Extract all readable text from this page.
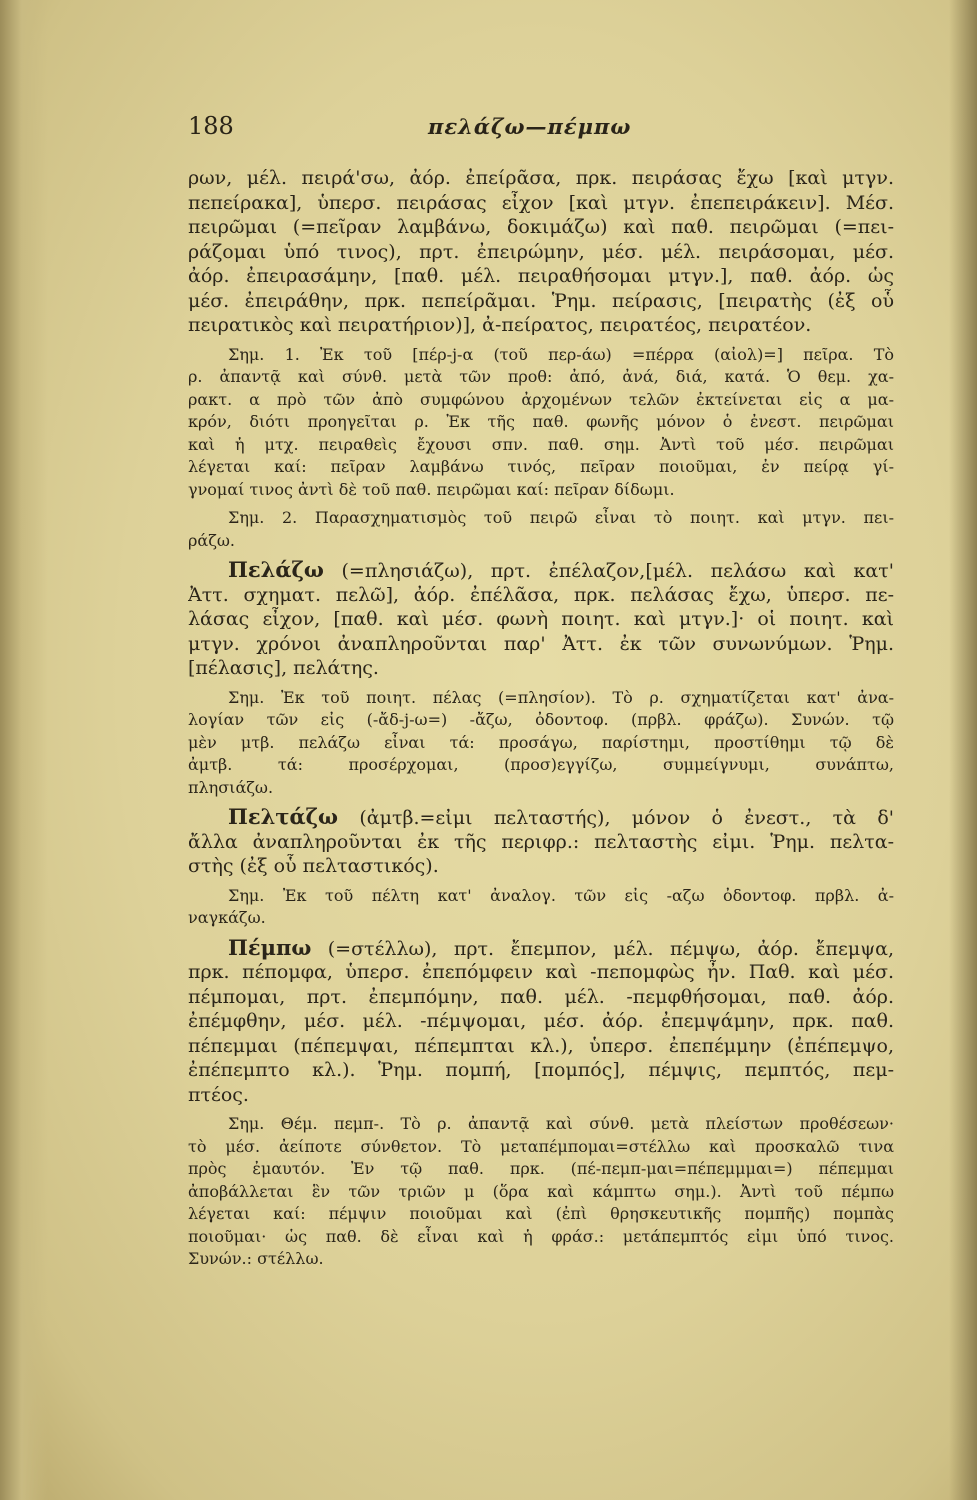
188	πελάζω—πέμπω
ρων, μέλ. πειρά'σω, ἀόρ. ἐπείρᾶσα, πρκ. πειράσας ἔχω [καὶ μτγν.
πεπείρακα], ὑπερσ. πειράσας εἶχον [καὶ μτγν. ἐπεπειράκειν]. Μέσ.
πειρῶμαι (=πεῖραν λαμβάνω, δοκιμάζω) καὶ παθ. πειρῶμαι (=πει-
ράζομαι ὑπό τινος), πρτ. ἐπειρώμην, μέσ. μέλ. πειράσομαι, μέσ.
ἀόρ. ἐπειρασάμην, [παθ. μέλ. πειραθήσομαι μτγν.], παθ. ἀόρ. ὡς
μέσ. ἐπειράθην, πρκ. πεπείρᾶμαι. Ῥημ. πείρασις, [πειρατὴς (ἐξ οὗ
πειρατικὸς καὶ πειρατήριον)], ἀ-πείρατος, πειρατέος, πειρατέον.
Σημ. 1. Ἐκ τοῦ [πέρ-j-α (τοῦ περ-άω) =πέρρα (αἰολ)=] πεῖρα. Τὸ
ρ. ἀπαντᾷ καὶ σύνθ. μετὰ τῶν προθ: ἀπό, ἀνά, διά, κατά. Ὁ θεμ. χα-
ρακτ. α πρὸ τῶν ἀπὸ συμφώνου ἀρχομένων τελῶν ἐκτείνεται εἰς α μα-
κρόν, διότι προηγεῖται ρ. Ἐκ τῆς παθ. φωνῆς μόνον ὁ ἐνεστ. πειρῶμαι
καὶ ἡ μτχ. πειραθεὶς ἔχουσι σπν. παθ. σημ. Ἀντὶ τοῦ μέσ. πειρῶμαι
λέγεται καί: πεῖραν λαμβάνω τινός, πεῖραν ποιοῦμαι, ἐν πείρᾳ γί-
γνομαί τινος ἀντὶ δὲ τοῦ παθ. πειρῶμαι καί: πεῖραν δίδωμι.
Σημ. 2. Παρασχηματισμὸς τοῦ πειρῶ εἶναι τὸ ποιητ. καὶ μτγν. πει-
ράζω.
Πελάζω (=πλησιάζω), πρτ. ἐπέλαζον,[μέλ. πελάσω καὶ κατ'
Ἀττ. σχηματ. πελῶ], ἀόρ. ἐπέλᾶσα, πρκ. πελάσας ἔχω, ὑπερσ. πε-
λάσας εἶχον, [παθ. καὶ μέσ. φωνὴ ποιητ. καὶ μτγν.]· οἱ ποιητ. καὶ
μτγν. χρόνοι ἀναπληροῦνται παρ' Ἀττ. ἐκ τῶν συνωνύμων. Ῥημ.
[πέλασις], πελάτης.
Σημ. Ἐκ τοῦ ποιητ. πέλας (=πλησίον). Τὸ ρ. σχηματίζεται κατ' ἀνα-
λογίαν τῶν εἰς (-ἄδ-j-ω=) -ἄζω, ὀδοντοφ. (πρβλ. φράζω). Συνών. τῷ
μὲν μτβ. πελάζω εἶναι τά: προσάγω, παρίστημι, προστίθημι τῷ δὲ
ἀμτβ. τά: προσέρχομαι, (προσ)εγγίζω, συμμείγνυμι, συνάπτω,
πλησιάζω.
Πελτάζω (ἀμτβ.=εἰμι πελταστής), μόνον ὁ ἐνεστ., τὰ δ'
ἄλλα ἀναπληροῦνται ἐκ τῆς περιφρ.: πελταστὴς εἰμι. Ῥημ. πελτα-
στὴς (ἐξ οὗ πελταστικός).
Σημ. Ἐκ τοῦ πέλτη κατ' ἀναλογ. τῶν εἰς -αζω ὀδοντοφ. πρβλ. ἀ-
ναγκάζω.
Πέμπω (=στέλλω), πρτ. ἔπεμπον, μέλ. πέμψω, ἀόρ. ἔπεμψα,
πρκ. πέπομφα, ὑπερσ. ἐπεπόμφειν καὶ -πεπομφὼς ἦν. Παθ. καὶ μέσ.
πέμπομαι, πρτ. ἐπεμπόμην, παθ. μέλ. -πεμφθήσομαι, παθ. ἀόρ.
ἐπέμφθην, μέσ. μέλ. -πέμψομαι, μέσ. ἀόρ. ἐπεμψάμην, πρκ. παθ.
πέπεμμαι (πέπεμψαι, πέπεμπται κλ.), ὑπερσ. ἐπεπέμμην (ἐπέπεμψο,
ἐπέπεμπτο κλ.). Ῥημ. πομπή, [πομπός], πέμψις, πεμπτός, πεμ-
πτέος.
Σημ. Θέμ. πεμπ-. Τὸ ρ. ἀπαντᾷ καὶ σύνθ. μετὰ πλείστων προθέσεων·
τὸ μέσ. ἀείποτε σύνθετον. Τὸ μεταπέμπομαι=στέλλω καὶ προσκαλῶ τινα
πρὸς ἐμαυτόν. Ἐν τῷ παθ. πρκ. (πέ-πεμπ-μαι=πέπεμμμαι=) πέπεμμαι
ἀποβάλλεται ἓν τῶν τριῶν μ (ὅρα καὶ κάμπτω σημ.). Ἀντὶ τοῦ πέμπω
λέγεται καί: πέμψιν ποιοῦμαι καὶ (ἐπὶ θρησκευτικῆς πομπῆς) πομπὰς
ποιοῦμαι· ὡς παθ. δὲ εἶναι καὶ ἡ φράσ.: μετάπεμπτός εἰμι ὑπό τινος.
Συνών.: στέλλω.
